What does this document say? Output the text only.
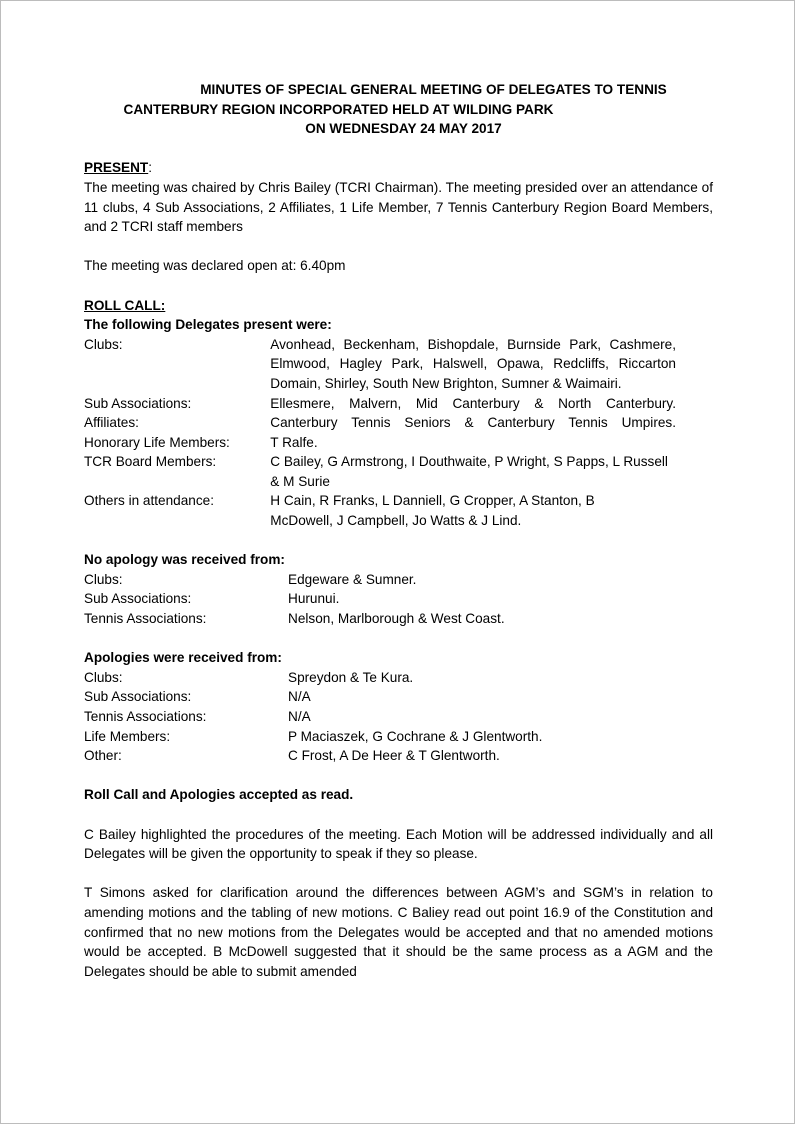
MINUTES OF SPECIAL GENERAL MEETING OF DELEGATES TO TENNIS
CANTERBURY REGION INCORPORATED HELD AT WILDING PARK
ON WEDNESDAY 24 MAY 2017

PRESENT:

The meeting was chaired by Chris Bailey (TCRI Chairman). The meeting presided over an attendance of 11 clubs, 4 Sub Associations, 2 Affiliates, 1 Life Member, 7 Tennis Canterbury Region Board Members, and 2 TCRI staff members

The meeting was declared open at: 6.40pm

ROLL CALL:

The following Delegates present were:

Clubs:	Avonhead, Beckenham, Bishopdale, Burnside Park, Cashmere, Elmwood, Hagley Park, Halswell, Opawa, Redcliffs, Riccarton Domain, Shirley, South New Brighton, Sumner & Waimairi.
Sub Associations:	Ellesmere, Malvern, Mid Canterbury & North Canterbury.
Affiliates:	Canterbury Tennis Seniors & Canterbury Tennis Umpires.
Honorary Life Members:	T Ralfe.
TCR Board Members:	C Bailey, G Armstrong, I Douthwaite, P Wright, S Papps, L Russell & M Surie
Others in attendance:	H Cain, R Franks, L Danniell, G Cropper, A Stanton, B McDowell, J Campbell, Jo Watts & J Lind.

No apology was received from:

Clubs:	Edgeware & Sumner.
Sub Associations:	Hurunui.
Tennis Associations:	Nelson, Marlborough & West Coast.

Apologies were received from:

Clubs:	Spreydon & Te Kura.
Sub Associations:	N/A
Tennis Associations:	N/A
Life Members:	P Maciaszek, G Cochrane & J Glentworth.
Other:	C Frost, A De Heer & T Glentworth.

Roll Call and Apologies accepted as read.

C Bailey highlighted the procedures of the meeting. Each Motion will be addressed individually and all Delegates will be given the opportunity to speak if they so please.

T Simons asked for clarification around the differences between AGM’s and SGM’s in relation to amending motions and the tabling of new motions. C Baliey read out point 16.9 of the Constitution and confirmed that no new motions from the Delegates would be accepted and that no amended motions would be accepted. B McDowell suggested that it should be the same process as a AGM and the Delegates should be able to submit amended
